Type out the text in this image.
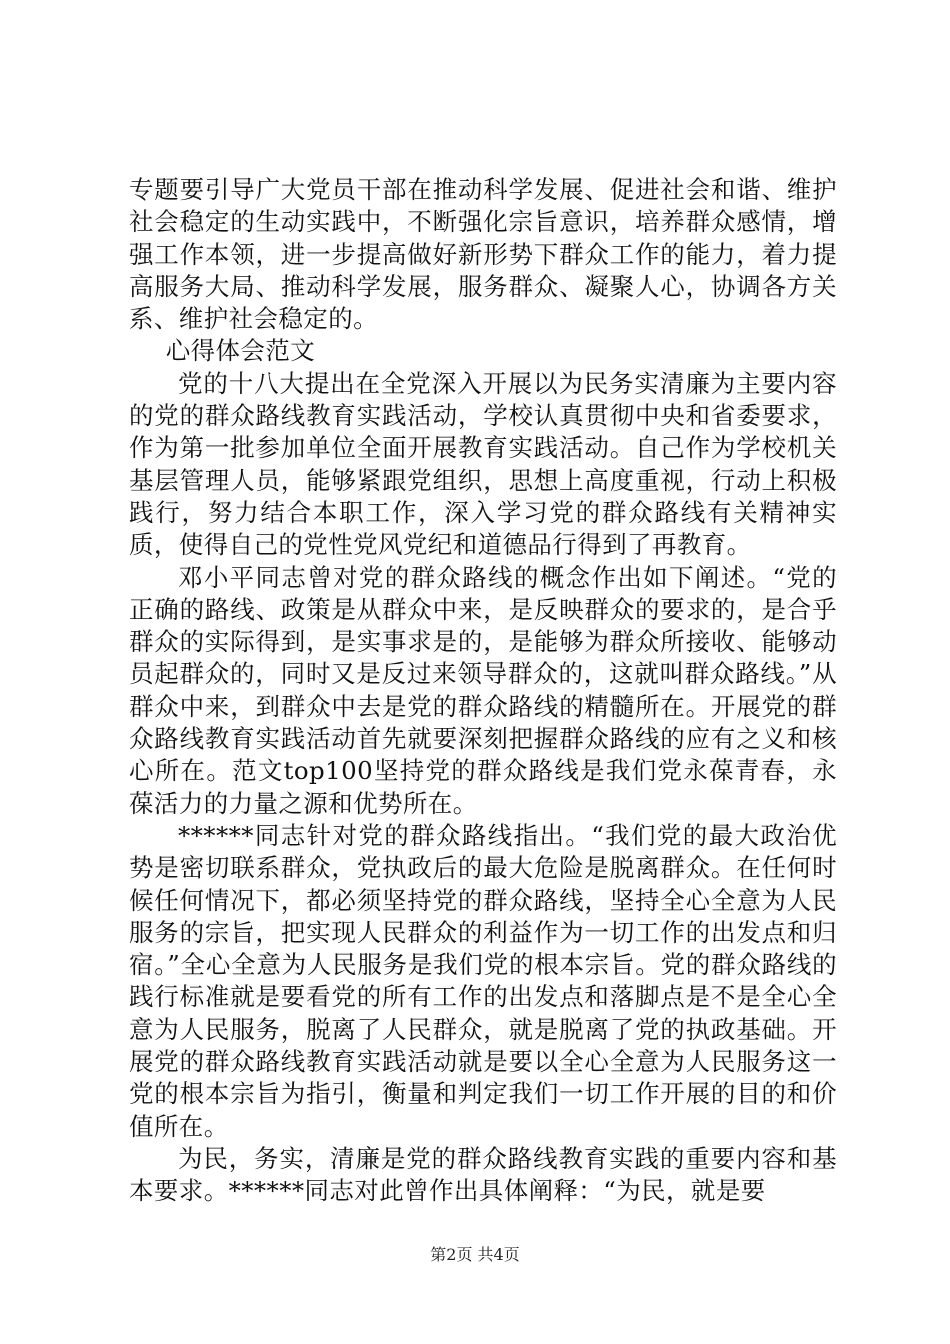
专题要引导广大党员干部在推动科学发展、促进社会和谐、维护社会稳定的生动实践中，不断强化宗旨意识，培养群众感情，增强工作本领，进一步提高做好新形势下群众工作的能力，着力提高服务大局、推动科学发展，服务群众、凝聚人心，协调各方关系、维护社会稳定的。

心得体会范文

党的十八大提出在全党深入开展以为民务实清廉为主要内容的党的群众路线教育实践活动，学校认真贯彻中央和省委要求，作为第一批参加单位全面开展教育实践活动。自己作为学校机关基层管理人员，能够紧跟党组织，思想上高度重视，行动上积极践行，努力结合本职工作，深入学习党的群众路线有关精神实质，使得自己的党性党风党纪和道德品行得到了再教育。

邓小平同志曾对党的群众路线的概念作出如下阐述。“党的正确的路线、政策是从群众中来，是反映群众的要求的，是合乎群众的实际得到，是实事求是的，是能够为群众所接收、能够动员起群众的，同时又是反过来领导群众的，这就叫群众路线。”从群众中来，到群众中去是党的群众路线的精髓所在。开展党的群众路线教育实践活动首先就要深刻把握群众路线的应有之义和核心所在。范文top100坚持党的群众路线是我们党永葆青春，永葆活力的力量之源和优势所在。

******同志针对党的群众路线指出。“我们党的最大政治优势是密切联系群众，党执政后的最大危险是脱离群众。在任何时候任何情况下，都必须坚持党的群众路线，坚持全心全意为人民服务的宗旨，把实现人民群众的利益作为一切工作的出发点和归宿。”全心全意为人民服务是我们党的根本宗旨。党的群众路线的践行标准就是要看党的所有工作的出发点和落脚点是不是全心全意为人民服务，脱离了人民群众，就是脱离了党的执政基础。开展党的群众路线教育实践活动就是要以全心全意为人民服务这一党的根本宗旨为指引，衡量和判定我们一切工作开展的目的和价值所在。

为民，务实，清廉是党的群众路线教育实践的重要内容和基本要求。******同志对此曾作出具体阐释：“为民，就是要

第2页 共4页
